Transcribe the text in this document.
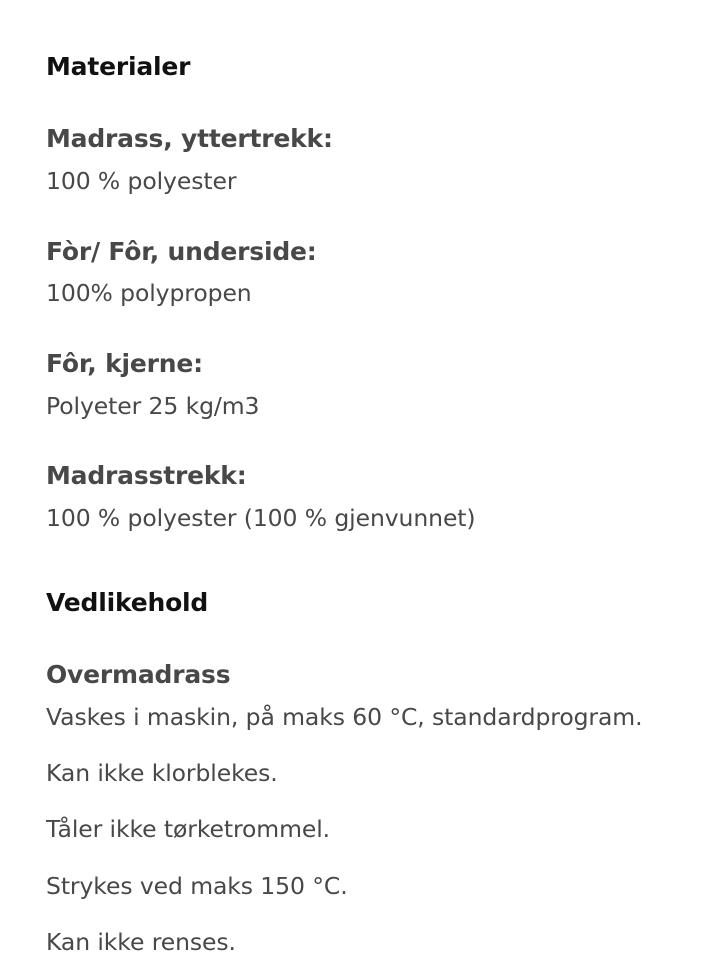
Materialer
Madrass, yttertrekk:
100 % polyester
Fòr/ Fôr, underside:
100% polypropen
Fôr, kjerne:
Polyeter 25 kg/m3
Madrasstrekk:
100 % polyester (100 % gjenvunnet)
Vedlikehold
Overmadrass
Vaskes i maskin, på maks 60 °C, standardprogram.
Kan ikke klorblekes.
Tåler ikke tørketrommel.
Strykes ved maks 150 °C.
Kan ikke renses.
